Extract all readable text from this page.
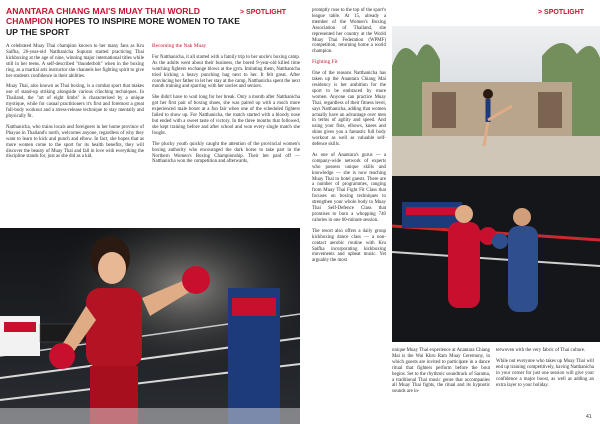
ANANTARA CHIANG MAI'S MUAY THAI WORLD CHAMPION HOPES TO INSPIRE MORE WOMEN TO TAKE UP THE SPORT
> SPOTLIGHT

A celebrated Muay Thai champion known to her many fans as Kru Saifha, 26-year-old Natthanicha Supurat started practicing Thai kickboxing at the age of nine, winning major international titles while still in her teens. A self-described "thunderbolt" when in the boxing ring, as a martial arts instructor she channels her fighting spirit to give her students confidence in their abilities.

Muay Thai, also known as Thai boxing, is a combat sport that makes use of stand-up striking alongside various clinching techniques. In Thailand, the "art of eight limbs" is characterised by a unique mystique, while for casual practitioners it's first and foremost a great full-body workout and a stress-release technique to stay mentally and physically fit.

Natthanicha, who trains locals and foreigners in her home province of Phayao in Thailand's north, welcomes anyone, regardless of why they want to learn to kick and punch and elbow. In fact, she hopes that as more women come to the sport for its health benefits, they will discover the beauty of Muay Thai and fall in love with everything the discipline stands for, just as she did as a kid.

Becoming the Nak Muay

For Natthanicha, it all started with a family trip to her uncle's boxing camp. As the adults went about their business, the bored 9-year-old killed time watching fighters exchange blows at the gym. Imitating them, Natthanicha tried kicking a heavy punching bag next to her. It felt great. After convincing her father to let her stay at the camp, Natthanicha spent the next month training and sparring with her uncles and seniors.

She didn't have to wait long for her break. Only a month after Natthanicha got her first pair of boxing shoes, she was paired up with a much more experienced male boxer at a fun fair when one of the scheduled fighters failed to show up. For Natthanicha, the match started with a bloody nose but ended with a sweet taste of victory. In the three months that followed, she kept training before and after school and won every single match she fought.

The plucky youth quickly caught the attention of the provincial women's boxing authority who encouraged the dark horse to take part in the Northern Women's Boxing Championship. Their bet paid off — Natthanicha won the competition and afterwards,

> SPOTLIGHT

promptly rose to the top of the sport's league table. At 15, already a member of the Women's Boxing Association of Thailand, she represented her country at the World Muay Thai Federation (WPMF) competition, returning home a world champion.

Fighting Fit

One of the reasons Natthanicha has taken up the Anantara Chiang Mai residency is her ambition for the sport to be embraced by more women. Anyone can practice Muay Thai, regardless of their fitness level, says Natthanicha, adding that women actually have an advantage over men in terms of agility and speed. And using your fists, elbows, knees and shins gives you a fantastic full body workout as well as valuable self-defence skills.

As one of Anantara's gurus — a company-wide network of experts who possess unique skills and knowledge — she is now teaching Muay Thai to hotel guests. There are a number of programmes, ranging from Muay Thai Fight Fit Class that focuses on boxing techniques to strengthen your whole body to Muay Thai Self-Defence Class that promises to burn a whopping 740 calories in one 60-minute session.

The resort also offers a daily group kickboxing dance class — a non-contact aerobic routine with Kru Saifha incorporating kickboxing movements and upbeat music. Yet arguably the most

unique Muay Thai experience at Anantara Chiang Mai is the Wai Khru Ram Muay Ceremony, in which guests are invited to participate in a dance ritual that fighters perform before the bout begins. Set to the rhythmic soundtrack of Sarama, a traditional Thai music genre that accompanies all Muay Thai fights, the ritual and its hypnotic sounds are in-

terwoven with the very fabric of Thai culture.

While not everyone who takes up Muay Thai will end up training competitively, having Natthanicha in your corner for just one session will give your confidence a major boost, as well as adding an extra layer to your holiday.

41
